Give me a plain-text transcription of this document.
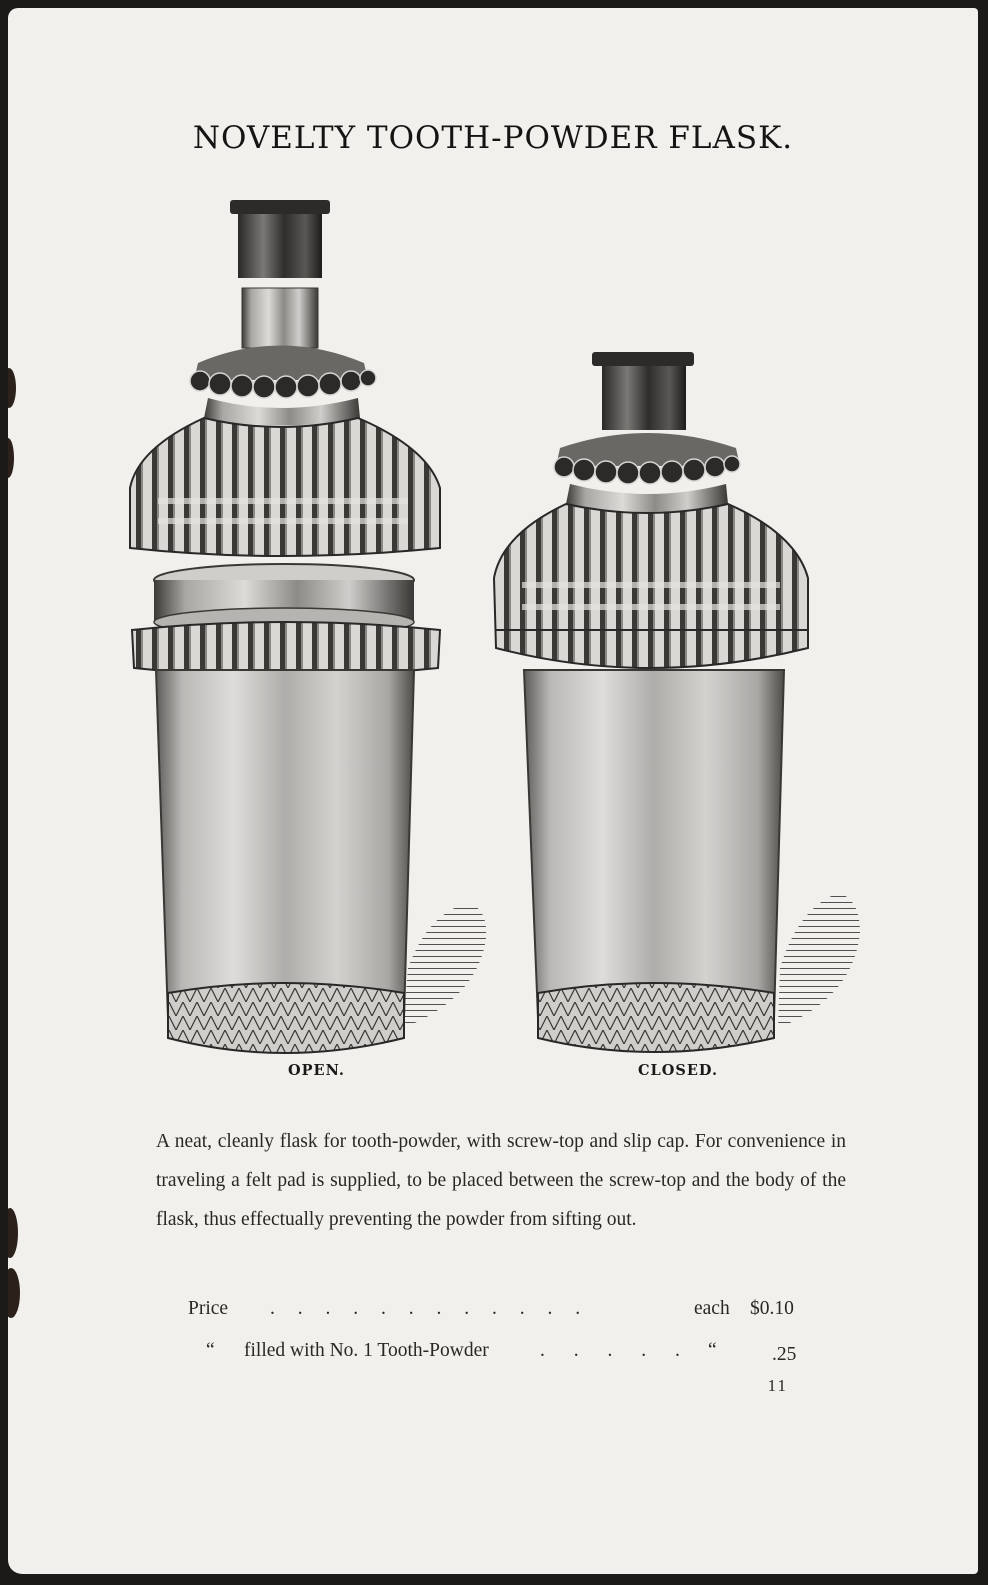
NOVELTY TOOTH-POWDER FLASK.
OPEN.	CLOSED.
A neat, cleanly flask for tooth-powder, with screw-top and slip cap. For convenience in traveling a felt pad is supplied, to be placed between the screw-top and the body of the flask, thus effectually preventing the powder from sifting out.
Price . . . . . . . . . . . .	each $0.10
“ filled with No. 1 Tooth-Powder	. . . . . “	.25
11
